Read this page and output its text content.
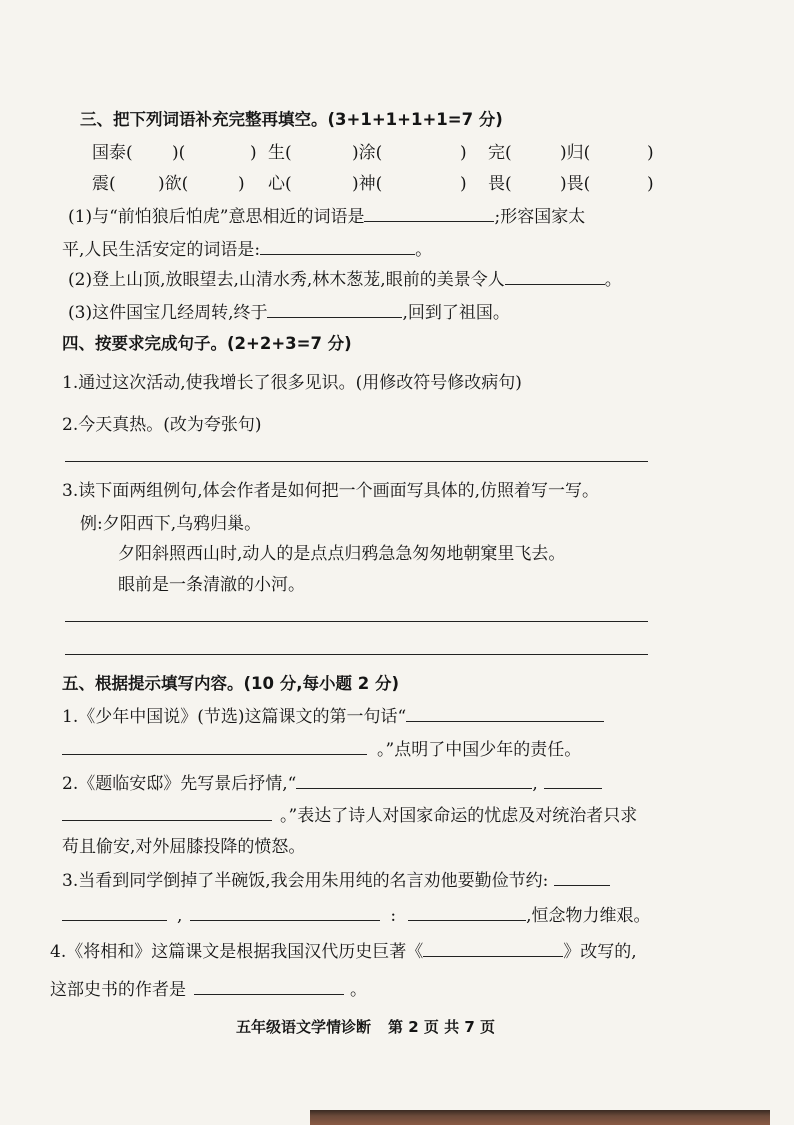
三、把下列词语补充完整再填空。(3+1+1+1+1=7 分)
国泰( )(	) 生(	)涂(	) 完(	)归(	)
震( )欲(	) 心(	)神(	) 畏(	)畏(	)
(1)与“前怕狼后怕虎”意思相近的词语是	;形容国家太
平,人民生活安定的词语是:	。
(2)登上山顶,放眼望去,山清水秀,林木葱茏,眼前的美景令人	。
(3)这件国宝几经周转,终于	,回到了祖国。
四、按要求完成句子。(2+2+3=7 分)
1.通过这次活动,使我增长了很多见识。(用修改符号修改病句)
2.今天真热。(改为夸张句)
3.读下面两组例句,体会作者是如何把一个画面写具体的,仿照着写一写。
例:夕阳西下,乌鸦归巢。
夕阳斜照西山时,动人的是点点归鸦急急匆匆地朝窠里飞去。
眼前是一条清澈的小河。
五、根据提示填写内容。(10 分,每小题 2 分)
1.《少年中国说》(节选)这篇课文的第一句话“
。”点明了中国少年的责任。
2.《题临安邸》先写景后抒情,“	,
。”表达了诗人对国家命运的忧虑及对统治者只求
苟且偷安,对外屈膝投降的愤怒。
3.当看到同学倒掉了半碗饭,我会用朱用纯的名言劝他要勤俭节约:
,	:	,恒念物力维艰。
4.《将相和》这篇课文是根据我国汉代历史巨著《	》改写的,
这部史书的作者是	。
五年级语文学情诊断 第 2 页 共 7 页
